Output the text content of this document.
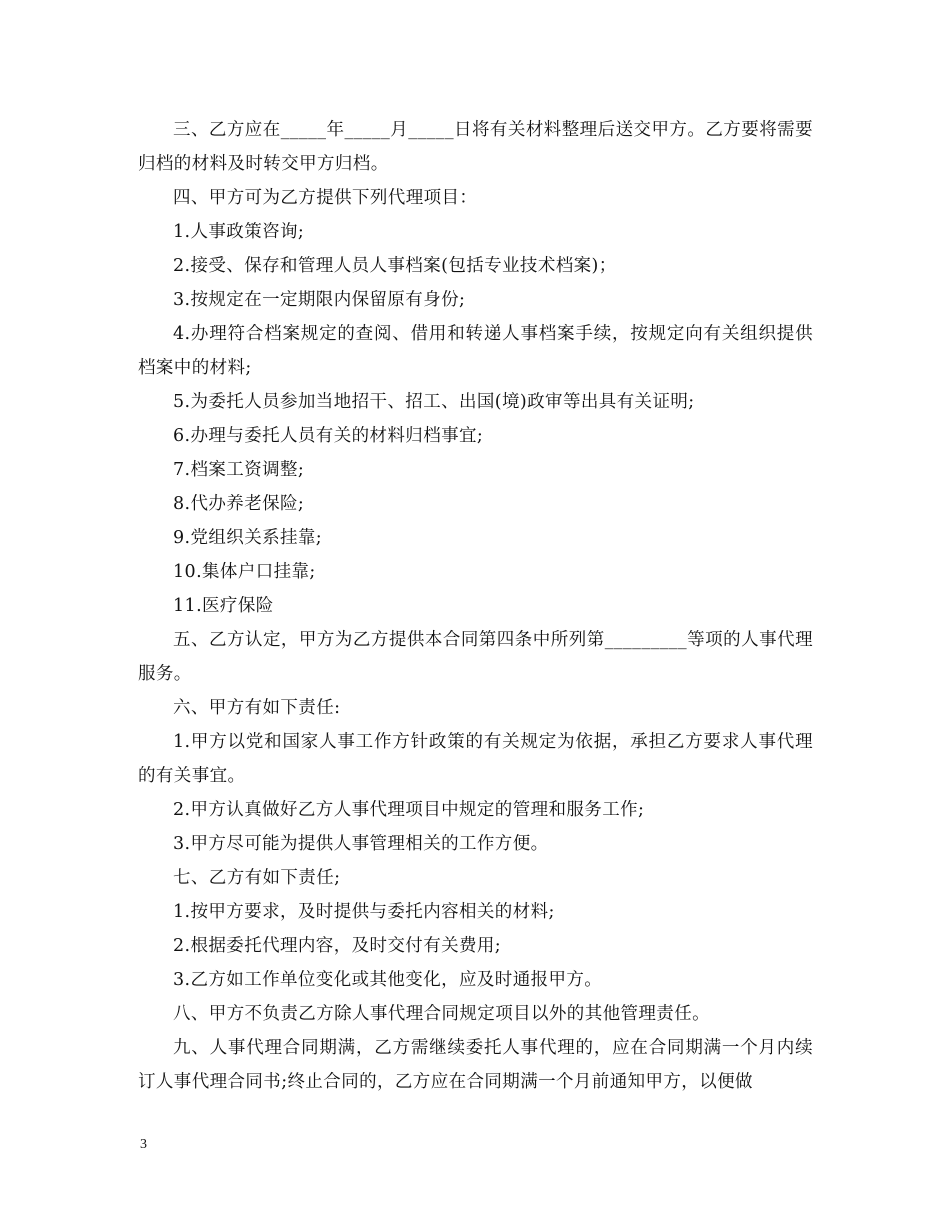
三、乙方应在_____年_____月_____日将有关材料整理后送交甲方。乙方要将需要归档的材料及时转交甲方归档。

四、甲方可为乙方提供下列代理项目：

1.人事政策咨询;

2.接受、保存和管理人员人事档案(包括专业技术档案)；

3.按规定在一定期限内保留原有身份;

4.办理符合档案规定的查阅、借用和转递人事档案手续，按规定向有关组织提供档案中的材料;

5.为委托人员参加当地招干、招工、出国(境)政审等出具有关证明;

6.办理与委托人员有关的材料归档事宜;

7.档案工资调整;

8.代办养老保险;

9.党组织关系挂靠;

10.集体户口挂靠;

11.医疗保险

五、乙方认定，甲方为乙方提供本合同第四条中所列第_________等项的人事代理服务。

六、甲方有如下责任:

1.甲方以党和国家人事工作方针政策的有关规定为依据，承担乙方要求人事代理的有关事宜。

2.甲方认真做好乙方人事代理项目中规定的管理和服务工作;

3.甲方尽可能为提供人事管理相关的工作方便。

七、乙方有如下责任;

1.按甲方要求，及时提供与委托内容相关的材料;

2.根据委托代理内容，及时交付有关费用;

3.乙方如工作单位变化或其他变化，应及时通报甲方。

八、甲方不负责乙方除人事代理合同规定项目以外的其他管理责任。

九、人事代理合同期满，乙方需继续委托人事代理的，应在合同期满一个月内续订人事代理合同书;终止合同的，乙方应在合同期满一个月前通知甲方，以便做

3
